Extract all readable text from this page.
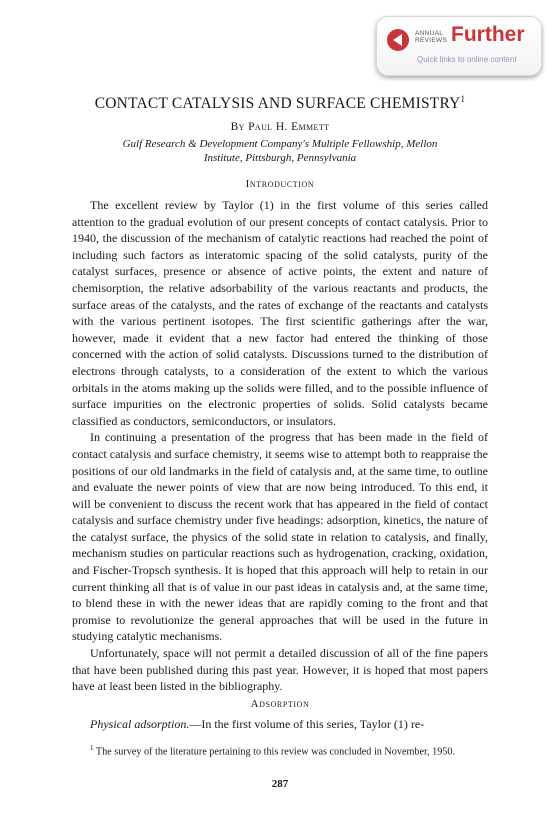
ANNUAL
REVIEWS Further
Quick links to online content
CONTACT CATALYSIS AND SURFACE CHEMISTRY$^1$
By Paul H. Emmett
Gulf Research & Development Company's Multiple Fellowship, Mellon Institute, Pittsburgh, Pennsylvania
Introduction

The excellent review by Taylor (1) in the first volume of this series called attention to the gradual evolution of our present concepts of contact catalysis. Prior to 1940, the discussion of the mechanism of catalytic reactions had reached the point of including such factors as interatomic spacing of the solid catalysts, purity of the catalyst surfaces, presence or absence of active points, the extent and nature of chemisorption, the relative adsorbability of the various reactants and products, the surface areas of the catalysts, and the rates of exchange of the reactants and catalysts with the various pertinent isotopes. The first scientific gatherings after the war, however, made it evident that a new factor had entered the thinking of those concerned with the action of solid catalysts. Discussions turned to the distribution of electrons through catalysts, to a consideration of the extent to which the various orbitals in the atoms making up the solids were filled, and to the possible influence of surface impurities on the electronic properties of solids. Solid catalysts became classified as conductors, semiconductors, or insulators.

In continuing a presentation of the progress that has been made in the field of contact catalysis and surface chemistry, it seems wise to attempt both to reappraise the positions of our old landmarks in the field of catalysis and, at the same time, to outline and evaluate the newer points of view that are now being introduced. To this end, it will be convenient to discuss the recent work that has appeared in the field of contact catalysis and surface chemistry under five headings: adsorption, kinetics, the nature of the catalyst surface, the physics of the solid state in relation to catalysis, and finally, mechanism studies on particular reactions such as hydrogenation, cracking, oxidation, and Fischer-Tropsch synthesis. It is hoped that this approach will help to retain in our current thinking all that is of value in our past ideas in catalysis and, at the same time, to blend these in with the newer ideas that are rapidly coming to the front and that promise to revolutionize the general approaches that will be used in the future in studying catalytic mechanisms.

Unfortunately, space will not permit a detailed discussion of all of the fine papers that have been published during this past year. However, it is hoped that most papers have at least been listed in the bibliography.

Adsorption

Physical adsorption.—In the first volume of this series, Taylor (1) re-

$^1$ The survey of the literature pertaining to this review was concluded in November, 1950.
287
